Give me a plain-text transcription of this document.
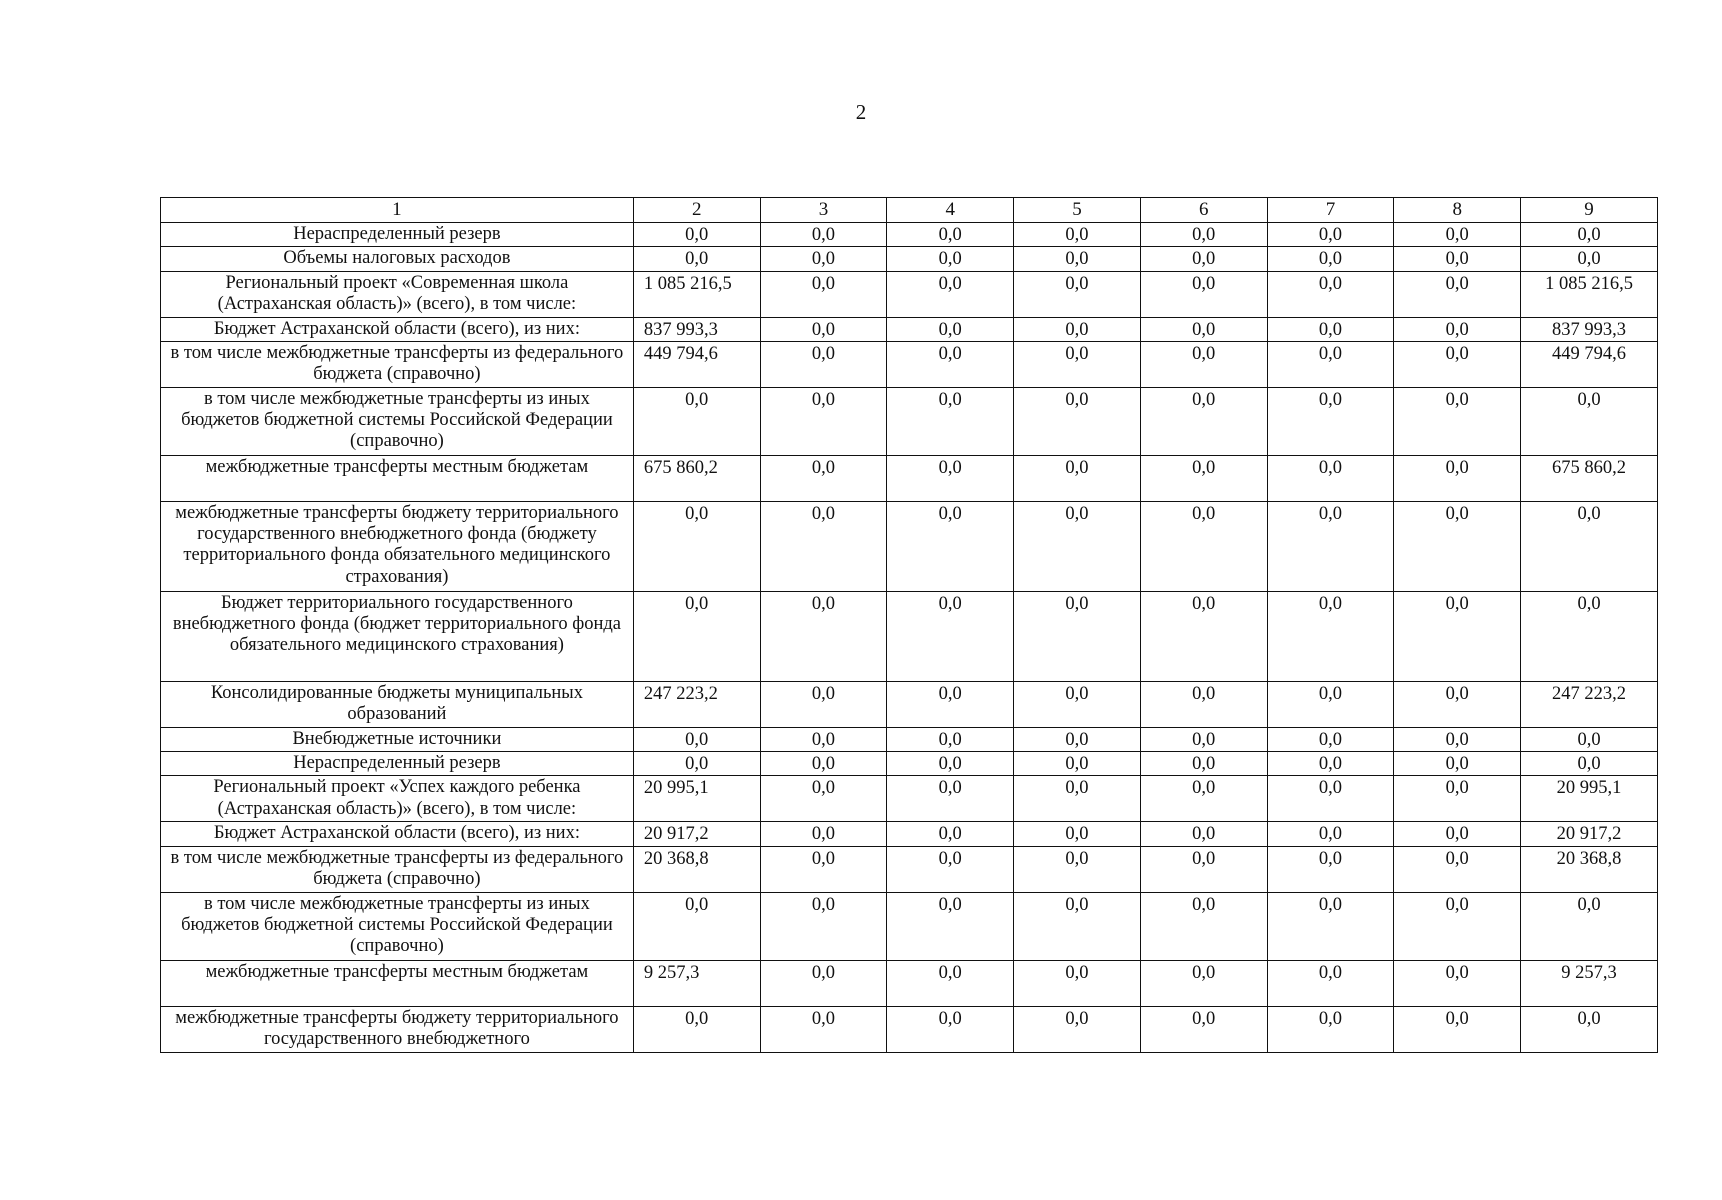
2
1	2	3	4	5	6	7	8	9
Нераспределенный резерв	0,0	0,0	0,0	0,0	0,0	0,0	0,0	0,0
Объемы налоговых расходов	0,0	0,0	0,0	0,0	0,0	0,0	0,0	0,0
Региональный проект «Современная школа (Астраханская область)» (всего), в том числе:	1 085 216,5	0,0	0,0	0,0	0,0	0,0	0,0	1 085 216,5
Бюджет Астраханской области (всего), из них:	837 993,3	0,0	0,0	0,0	0,0	0,0	0,0	837 993,3
в том числе межбюджетные трансферты из федерального бюджета (справочно)	449 794,6	0,0	0,0	0,0	0,0	0,0	0,0	449 794,6
в том числе межбюджетные трансферты из иных бюджетов бюджетной системы Российской Федерации (справочно)	0,0	0,0	0,0	0,0	0,0	0,0	0,0	0,0
межбюджетные трансферты местным бюджетам	675 860,2	0,0	0,0	0,0	0,0	0,0	0,0	675 860,2
межбюджетные трансферты бюджету территориального государственного внебюджетного фонда (бюджету территориального фонда обязательного медицинского страхования)	0,0	0,0	0,0	0,0	0,0	0,0	0,0	0,0
Бюджет территориального государственного внебюджетного фонда (бюджет территориального фонда обязательного медицинского страхования)	0,0	0,0	0,0	0,0	0,0	0,0	0,0	0,0
Консолидированные бюджеты муниципальных образований	247 223,2	0,0	0,0	0,0	0,0	0,0	0,0	247 223,2
Внебюджетные источники	0,0	0,0	0,0	0,0	0,0	0,0	0,0	0,0
Нераспределенный резерв	0,0	0,0	0,0	0,0	0,0	0,0	0,0	0,0
Региональный проект «Успех каждого ребенка (Астраханская область)» (всего), в том числе:	20 995,1	0,0	0,0	0,0	0,0	0,0	0,0	20 995,1
Бюджет Астраханской области (всего), из них:	20 917,2	0,0	0,0	0,0	0,0	0,0	0,0	20 917,2
в том числе межбюджетные трансферты из федерального бюджета (справочно)	20 368,8	0,0	0,0	0,0	0,0	0,0	0,0	20 368,8
в том числе межбюджетные трансферты из иных бюджетов бюджетной системы Российской Федерации (справочно)	0,0	0,0	0,0	0,0	0,0	0,0	0,0	0,0
межбюджетные трансферты местным бюджетам	9 257,3	0,0	0,0	0,0	0,0	0,0	0,0	9 257,3
межбюджетные трансферты бюджету территориального государственного внебюджетного	0,0	0,0	0,0	0,0	0,0	0,0	0,0	0,0
